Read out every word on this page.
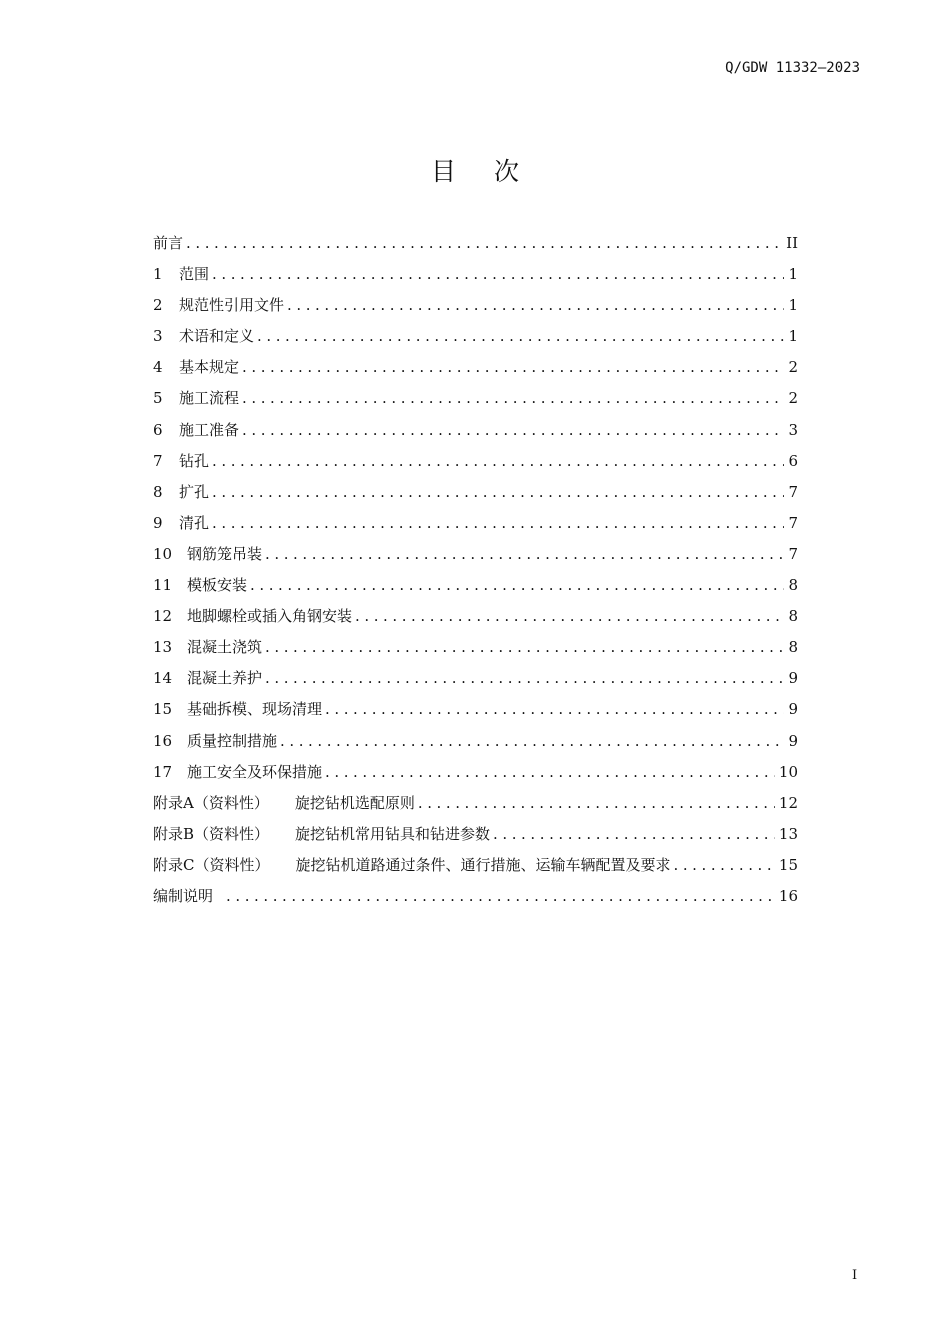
Q/GDW 11332—2023
目 次
前言 . . .	II
1	范围 . . .	1
2	规范性引用文件 . . .	1
3	术语和定义 . . .	1
4	基本规定 . . .	2
5	施工流程 . . .	2
6	施工准备 . . .	3
7	钻孔 . . .	6
8	扩孔 . . .	7
9	清孔 . . .	7
10 钢筋笼吊装 . . .	7
11 模板安装 . . .	8
12 地脚螺栓或插入角钢安装 . . .	8
13 混凝土浇筑 . . .	8
14 混凝土养护 . . .	9
15 基础拆模、现场清理 . . .	9
16 质量控制措施 . . .	9
17 施工安全及环保措施 . . .	10
附录A（资料性） 旋挖钻机选配原则 . . .	12
附录B（资料性） 旋挖钻机常用钻具和钻进参数 . . .	13
附录C（资料性） 旋挖钻机道路通过条件、通行措施、运输车辆配置及要求 . . .	15
编制说明 . . .	16
I
